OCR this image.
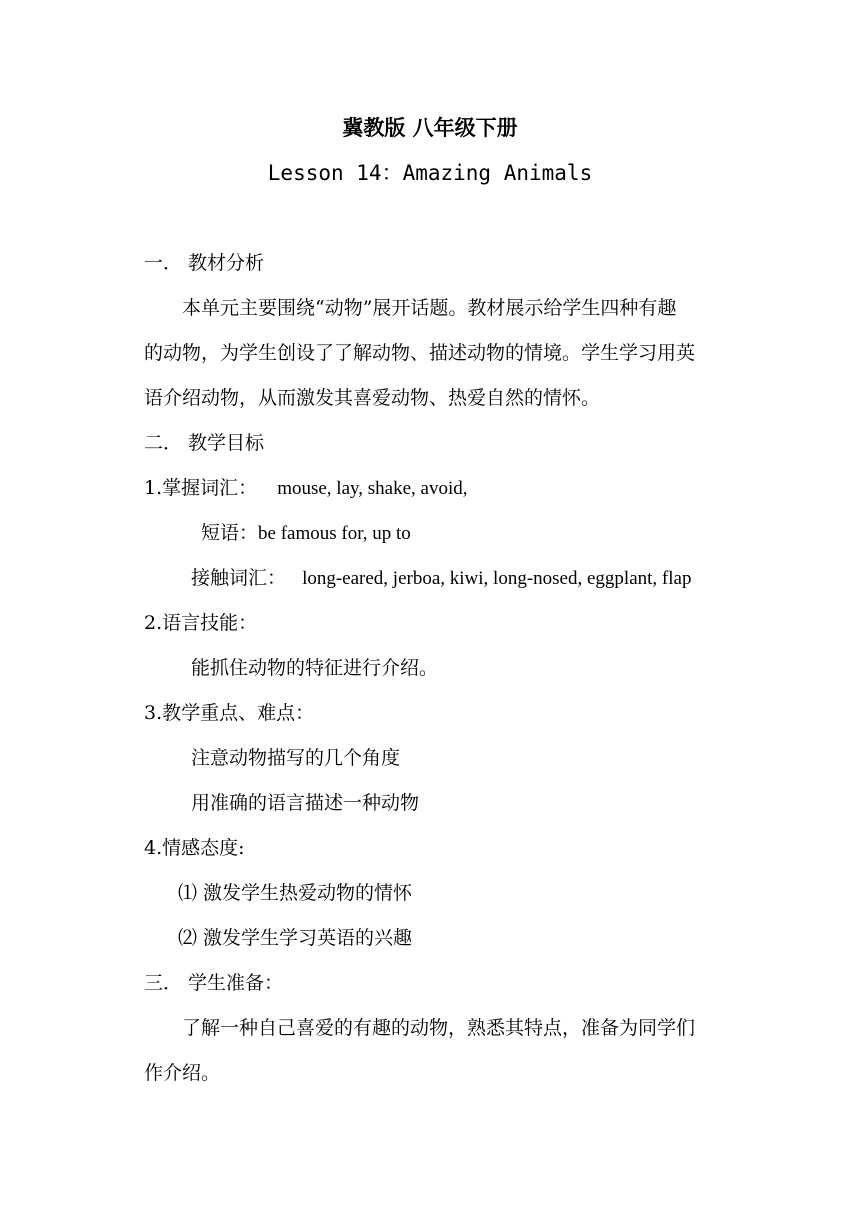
冀教版 八年级下册
Lesson 14：Amazing Animals
一． 教材分析
本单元主要围绕“动物”展开话题。教材展示给学生四种有趣
的动物，为学生创设了了解动物、描述动物的情境。学生学习用英
语介绍动物，从而激发其喜爱动物、热爱自然的情怀。
二． 教学目标
1.掌握词汇： mouse, lay, shake, avoid,
短语：be famous for, up to
接触词汇： long-eared, jerboa, kiwi, long-nosed, eggplant, flap
2.语言技能：
能抓住动物的特征进行介绍。
3.教学重点、难点：
注意动物描写的几个角度
用准确的语言描述一种动物
4.情感态度:
⑴ 激发学生热爱动物的情怀
⑵ 激发学生学习英语的兴趣
三． 学生准备：
了解一种自己喜爱的有趣的动物，熟悉其特点，准备为同学们
作介绍。
